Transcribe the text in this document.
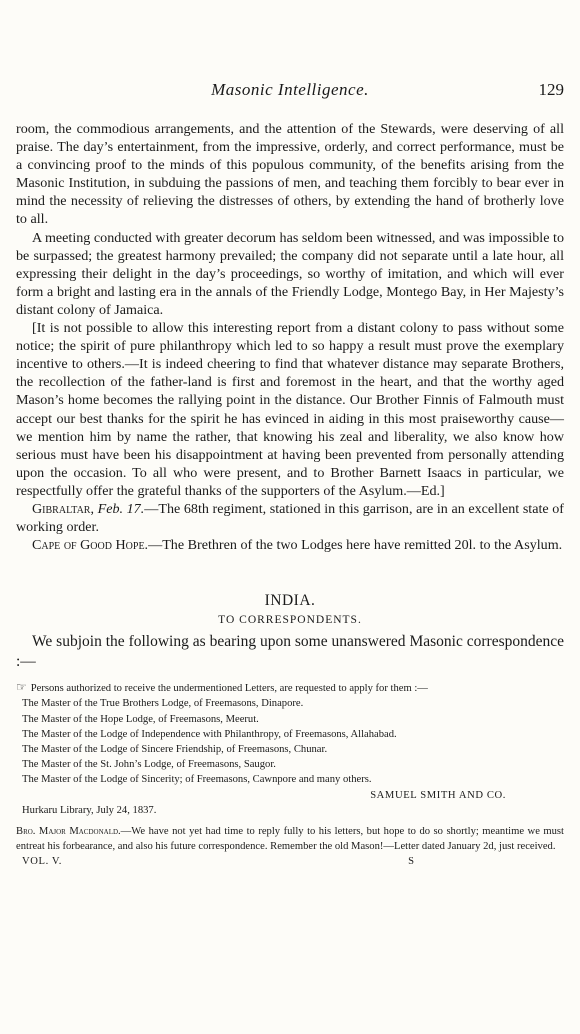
Masonic Intelligence.	129

room, the commodious arrangements, and the attention of the Stewards, were deserving of all praise. The day’s entertainment, from the impressive, orderly, and correct performance, must be a convincing proof to the minds of this populous community, of the benefits arising from the Masonic Institution, in subduing the passions of men, and teaching them forcibly to bear ever in mind the necessity of relieving the distresses of others, by extending the hand of brotherly love to all.

A meeting conducted with greater decorum has seldom been witnessed, and was impossible to be surpassed; the greatest harmony prevailed; the company did not separate until a late hour, all expressing their delight in the day’s proceedings, so worthy of imitation, and which will ever form a bright and lasting era in the annals of the Friendly Lodge, Montego Bay, in Her Majesty’s distant colony of Jamaica.

[It is not possible to allow this interesting report from a distant colony to pass without some notice; the spirit of pure philanthropy which led to so happy a result must prove the exemplary incentive to others.—It is indeed cheering to find that whatever distance may separate Brothers, the recollection of the father-land is first and foremost in the heart, and that the worthy aged Mason’s home becomes the rallying point in the distance. Our Brother Finnis of Falmouth must accept our best thanks for the spirit he has evinced in aiding in this most praiseworthy cause—we mention him by name the rather, that knowing his zeal and liberality, we also know how serious must have been his disappointment at having been prevented from personally attending upon the occasion. To all who were present, and to Brother Barnett Isaacs in particular, we respectfully offer the grateful thanks of the supporters of the Asylum.—Ed.]

Gibraltar, Feb. 17.—The 68th regiment, stationed in this garrison, are in an excellent state of working order.

Cape of Good Hope.—The Brethren of the two Lodges here have remitted 20l. to the Asylum.

INDIA.
TO CORRESPONDENTS.

We subjoin the following as bearing upon some unanswered Masonic correspondence :—

☞ Persons authorized to receive the undermentioned Letters, are requested to apply for them :—

The Master of the True Brothers Lodge, of Freemasons, Dinapore.
The Master of the Hope Lodge, of Freemasons, Meerut.
The Master of the Lodge of Independence with Philanthropy, of Freemasons, Allahabad.
The Master of the Lodge of Sincere Friendship, of Freemasons, Chunar.
The Master of the St. John’s Lodge, of Freemasons, Saugor.
The Master of the Lodge of Sincerity; of Freemasons, Cawnpore and many others.
SAMUEL SMITH AND CO.
Hurkaru Library, July 24, 1837.

Bro. Major Macdonald.—We have not yet had time to reply fully to his letters, but hope to do so shortly; meantime we must entreat his forbearance, and also his future correspondence. Remember the old Mason!—Letter dated January 2d, just received.

VOL. V.	S
